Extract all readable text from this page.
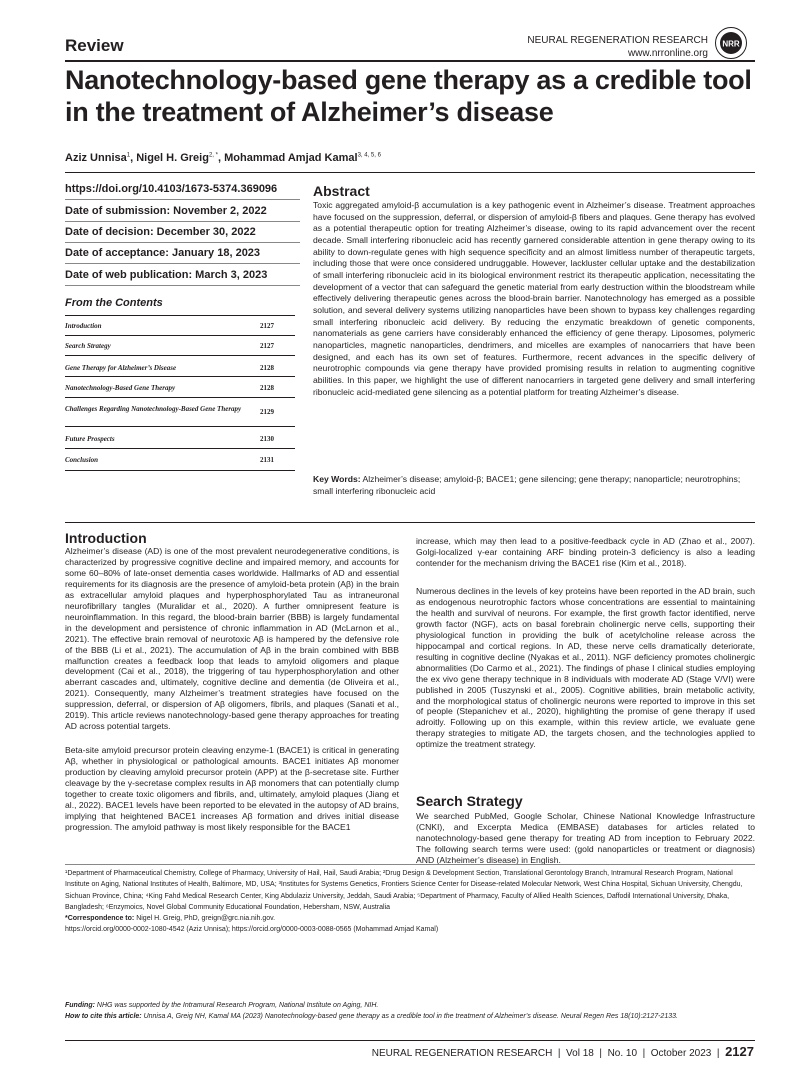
Review	NEURAL REGENERATION RESEARCH
www.nrronline.org
NRR
Nanotechnology-based gene therapy as a credible tool in the treatment of Alzheimer’s disease
Aziz Unnisa$^1$, Nigel H. Greig$^{2, *}$, Mohammad Amjad Kamal$^{3, 4, 5, 6}$
https://doi.org/10.4103/1673-5374.369096
Date of submission: November 2, 2022
Date of decision: December 30, 2022
Date of acceptance: January 18, 2023
Date of web publication: March 3, 2023
From the Contents
Introduction	2127
Search Strategy	2127
Gene Therapy for Alzheimer’s Disease	2128
Nanotechnology-Based Gene Therapy	2128
Challenges Regarding Nanotechnology-Based Gene Therapy	2129
Future Prospects	2130
Conclusion	2131
Abstract
Toxic aggregated amyloid-β accumulation is a key pathogenic event in Alzheimer’s disease. Treatment approaches have focused on the suppression, deferral, or dispersion of amyloid-β fibers and plaques. Gene therapy has evolved as a potential therapeutic option for treating Alzheimer’s disease, owing to its rapid advancement over the recent decade. Small interfering ribonucleic acid has recently garnered considerable attention in gene therapy owing to its ability to down-regulate genes with high sequence specificity and an almost limitless number of therapeutic targets, including those that were once considered undruggable. However, lackluster cellular uptake and the destabilization of small interfering ribonucleic acid in its biological environment restrict its therapeutic application, necessitating the development of a vector that can safeguard the genetic material from early destruction within the bloodstream while effectively delivering therapeutic genes across the blood-brain barrier. Nanotechnology has emerged as a possible solution, and several delivery systems utilizing nanoparticles have been shown to bypass key challenges regarding small interfering ribonucleic acid delivery. By reducing the enzymatic breakdown of genetic components, nanomaterials as gene carriers have considerably enhanced the efficiency of gene therapy. Liposomes, polymeric nanoparticles, magnetic nanoparticles, dendrimers, and micelles are examples of nanocarriers that have been designed, and each has its own set of features. Furthermore, recent advances in the specific delivery of neurotrophic compounds via gene therapy have provided promising results in relation to augmenting cognitive abilities. In this paper, we highlight the use of different nanocarriers in targeted gene delivery and small interfering ribonucleic acid-mediated gene silencing as a potential platform for treating Alzheimer’s disease.
Key Words: Alzheimer’s disease; amyloid-β; BACE1; gene silencing; gene therapy; nanoparticle; neurotrophins; small interfering ribonucleic acid
Introduction
Alzheimer’s disease (AD) is one of the most prevalent neurodegenerative conditions, is characterized by progressive cognitive decline and impaired memory, and accounts for some 60–80% of late-onset dementia cases worldwide. Hallmarks of AD and essential requirements for its diagnosis are the presence of amyloid-beta protein (Aβ) in the brain as extracellular amyloid plaques and hyperphosphorylated Tau as intraneuronal neurofibrillary tangles (Muralidar et al., 2020). A further omnipresent feature is neuroinflammation. In this regard, the blood-brain barrier (BBB) is largely fundamental in the development and persistence of chronic inflammation in AD (McLarnon et al., 2021). The effective brain removal of neurotoxic Aβ is hampered by the defensive role of the BBB (Li et al., 2021). The accumulation of Aβ in the brain combined with BBB malfunction creates a feedback loop that leads to amyloid oligomers and plaque development (Cai et al., 2018), the triggering of tau hyperphosphorylation and other aberrant cascades and, ultimately, cognitive decline and dementia (de Oliveira et al., 2021). Consequently, many Alzheimer’s treatment strategies have focused on the suppression, deferral, or dispersion of Aβ oligomers, fibrils, and plaques (Sanati et al., 2019). This article reviews nanotechnology-based gene therapy approaches for treating AD across potential targets.
Beta-site amyloid precursor protein cleaving enzyme-1 (BACE1) is critical in generating Aβ, whether in physiological or pathological amounts. BACE1 initiates Aβ monomer production by cleaving amyloid precursor protein (APP) at the β-secretase site. Further cleavage by the γ-secretase complex results in Aβ monomers that can potentially clump together to create toxic oligomers and fibrils, and, ultimately, amyloid plaques (Jiang et al., 2022). BACE1 levels have been reported to be elevated in the autopsy of AD brains, implying that heightened BACE1 increases Aβ formation and drives initial disease progression. The amyloid pathway is most likely responsible for the BACE1
increase, which may then lead to a positive-feedback cycle in AD (Zhao et al., 2007). Golgi-localized γ-ear containing ARF binding protein-3 deficiency is also a leading contender for the mechanism driving the BACE1 rise (Kim et al., 2018).
Numerous declines in the levels of key proteins have been reported in the AD brain, such as endogenous neurotrophic factors whose concentrations are essential to maintaining the health and survival of neurons. For example, the first growth factor identified, nerve growth factor (NGF), acts on basal forebrain cholinergic nerve cells, supporting their physiological function in providing the bulk of acetylcholine release across the hippocampal and cortical regions. In AD, these nerve cells dramatically deteriorate, resulting in cognitive decline (Nyakas et al., 2011). NGF deficiency promotes cholinergic abnormalities (Do Carmo et al., 2021). The findings of phase I clinical studies employing the ex vivo gene therapy technique in 8 individuals with moderate AD (Stage V/VI) were published in 2005 (Tuszynski et al., 2005). Cognitive abilities, brain metabolic activity, and the morphological status of cholinergic neurons were reported to improve in this set of people (Stepanichev et al., 2020), highlighting the promise of gene therapy if used adroitly. Following up on this example, within this review article, we evaluate gene therapy strategies to mitigate AD, the targets chosen, and the technologies applied to optimize the treatment strategy.
Search Strategy
We searched PubMed, Google Scholar, Chinese National Knowledge Infrastructure (CNKI), and Excerpta Medica (EMBASE) databases for articles related to nanotechnology-based gene therapy for treating AD from inception to February 2022. The following search terms were used: (gold nanoparticles or treatment or diagnosis) AND (Alzheimer’s disease) in English.
¹Department of Pharmaceutical Chemistry, College of Pharmacy, University of Hail, Hail, Saudi Arabia; ²Drug Design & Development Section, Translational Gerontology Branch, Intramural Research Program, National Institute on Aging, National Institutes of Health, Baltimore, MD, USA; ³Institutes for Systems Genetics, Frontiers Science Center for Disease-related Molecular Network, West China Hospital, Sichuan University, Chengdu, Sichuan Province, China; ⁴King Fahd Medical Research Center, King Abdulaziz University, Jeddah, Saudi Arabia; ⁵Department of Pharmacy, Faculty of Allied Health Sciences, Daffodil International University, Dhaka, Bangladesh; ⁶Enzymoics, Novel Global Community Educational Foundation, Hebersham, NSW, Australia
*Correspondence to: Nigel H. Greig, PhD, greign@grc.nia.nih.gov.
https://orcid.org/0000-0002-1080-4542 (Aziz Unnisa); https://orcid.org/0000-0003-0088-0565 (Mohammad Amjad Kamal)
Funding: NHG was supported by the Intramural Research Program, National Institute on Aging, NIH.
How to cite this article: Unnisa A, Greig NH, Kamal MA (2023) Nanotechnology-based gene therapy as a credible tool in the treatment of Alzheimer’s disease. Neural Regen Res 18(10):2127-2133.
NEURAL REGENERATION RESEARCH  |  Vol 18  |  No. 10  |  October 2023  |  2127
